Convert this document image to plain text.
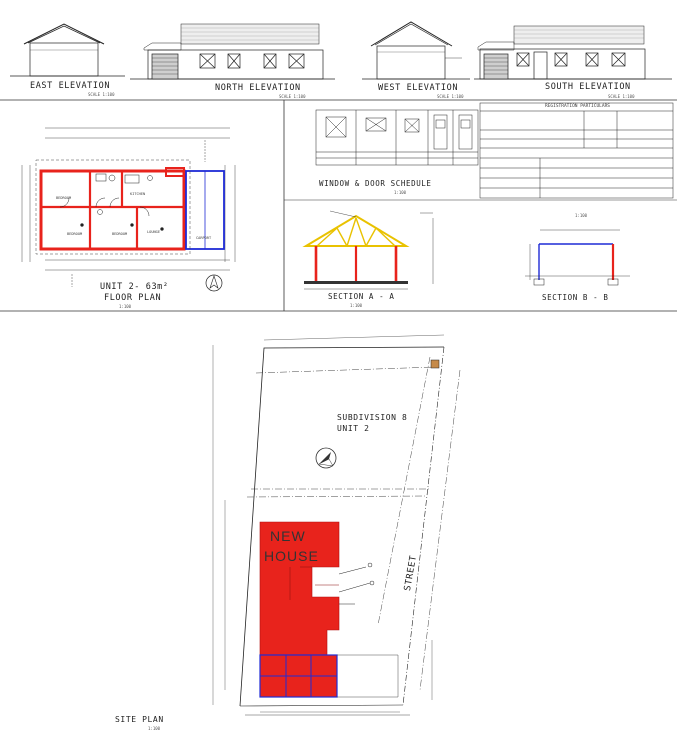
EAST ELEVATION
SCALE 1:100
NORTH ELEVATION
SCALE 1:100
WEST ELEVATION
SCALE 1:100
SOUTH ELEVATION
SCALE 1:100
BEDROOM
KITCHEN
BEDROOM	BEDROOM	LOUNGE
CARPORT
UNIT 2- 63m²
FLOOR PLAN
1:100
WINDOW & DOOR SCHEDULE
1:100
REGISTRATION PARTICULARS
SECTION A - A
1:100
SECTION B - B
1:100
SUBDIVISION 8
UNIT 2
NEW
HOUSE	STREET
SITE PLAN
1:100
